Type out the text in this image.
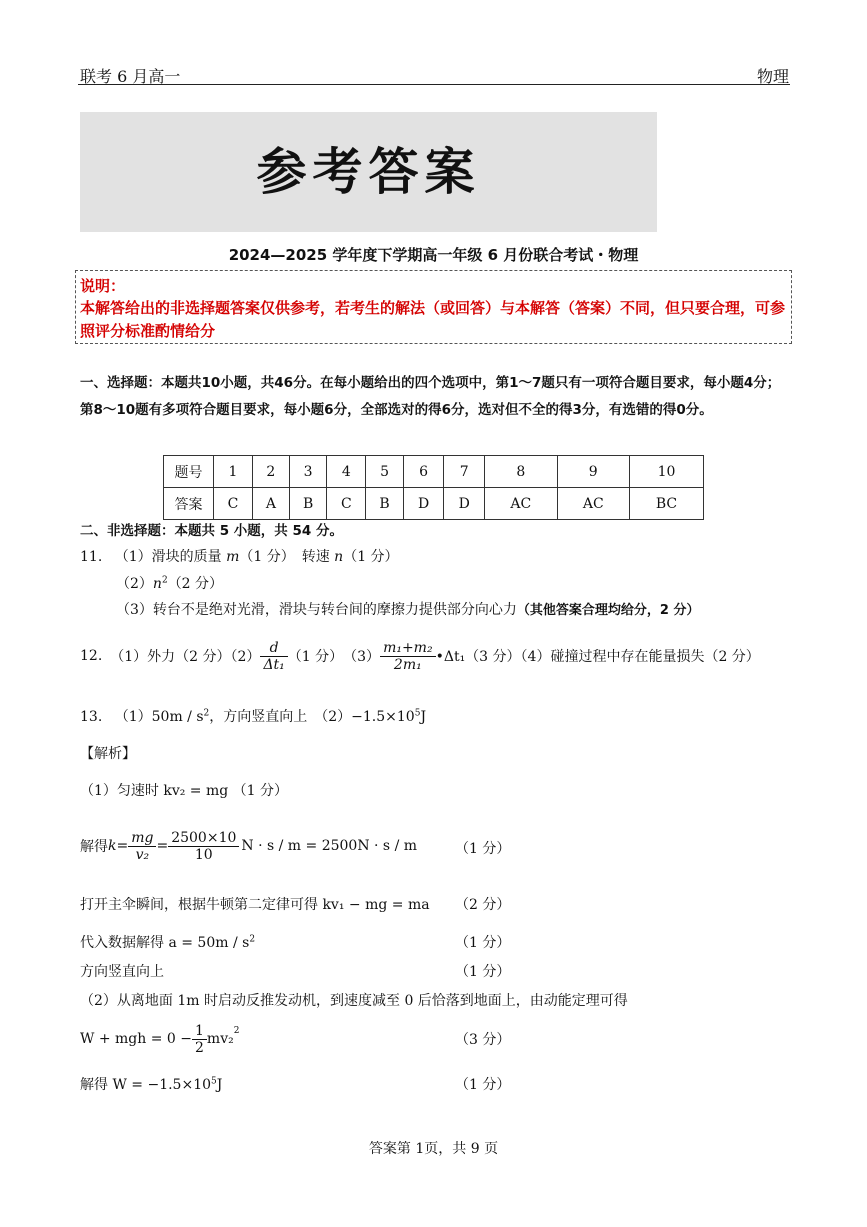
联考 6 月高一	物理
参考答案
2024—2025 学年度下学期高一年级 6 月份联合考试・物理
说明：
本解答给出的非选择题答案仅供参考，若考生的解法（或回答）与本解答（答案）不同，但只要合理，可参照评分标准酌情给分
一、选择题：本题共10小题，共46分。在每小题给出的四个选项中，第1～7题只有一项符合题目要求，每小题4分；第8～10题有多项符合题目要求，每小题6分，全部选对的得6分，选对但不全的得3分，有选错的得0分。
题号	1	2	3	4	5	6	7	8	9	10
答案	C	A	B	C	B	D	D	AC	AC	BC
二、非选择题：本题共 5 小题，共 54 分。
11. （1）滑块的质量 m（1 分）　转速 n（1 分）
$(2)n^2(2$ 分）
（3）转台不是绝对光滑，滑块与转台间的摩擦力提供部分向心力（其他答案合理均给分，2 分）
12. （1）外力（2 分）$(2) \frac{d}{\text{Δt₁}} (1$ 分）　$(3) \frac{\text{m₁+m₂}}{\text{2m₁}}$ •Δt₁（3 分）（4）碰撞过程中存在能量损失（2 分）
13. $(1)50m / s^2$，方向竖直向上　$(2)-1.5\times 10^5J$
【解析】
（1）匀速时 kv₂ = mg （1 分）
解得 $k = \frac{mg}{\text{v₂}} = \frac{2500\times 10}{10}$ N · s / m = 2500N · s / m	（1 分）
打开主伞瞬间，根据牛顿第二定律可得 kv₁ − mg = ma （2 分）
代入数据解得 $a = 50m / s^2$	（1 分）
方向竖直向上	（1 分）
（2）从离地面 1m 时启动反推发动机，到速度减至 0 后恰落到地面上，由动能定理可得
W + mgh = $0 - \frac{1}{2} mv_2^2$
（3 分）
解得 $W = -1.5\times 10^5J$	（1 分）
答案第 1页，共 9 页
